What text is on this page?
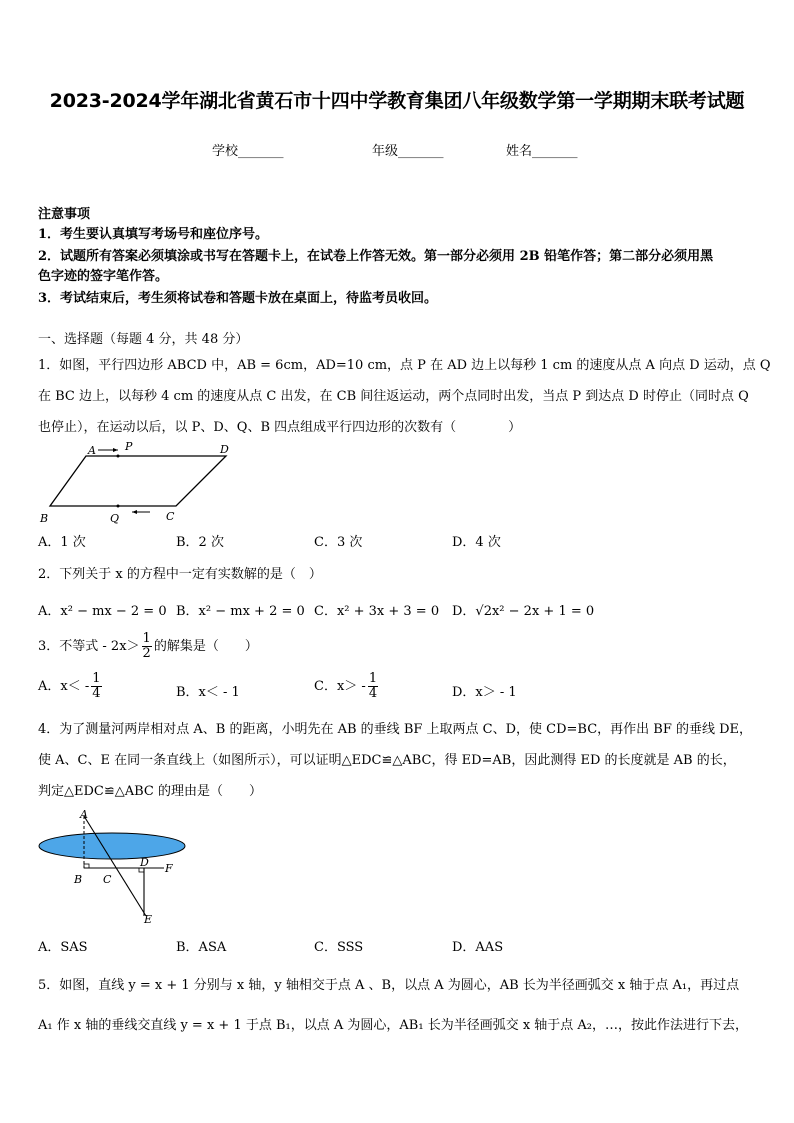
2023-2024学年湖北省黄石市十四中学教育集团八年级数学第一学期期末联考试题
学校_______	年级_______	姓名_______
注意事项
1．考生要认真填写考场号和座位序号。
2．试题所有答案必须填涂或书写在答题卡上，在试卷上作答无效。第一部分必须用 2B 铅笔作答；第二部分必须用黑
色字迹的签字笔作答。
3．考试结束后，考生须将试卷和答题卡放在桌面上，待监考员收回。
一、选择题（每题 4 分，共 48 分）
1．如图，平行四边形 ABCD 中，AB = 6cm，AD=10 cm，点 P 在 AD 边上以每秒 1 cm 的速度从点 A 向点 D 运动，点 Q
在 BC 边上，以每秒 4 cm 的速度从点 C 出发，在 CB 间往返运动，两个点同时出发，当点 P 到达点 D 时停止（同时点 Q
也停止），在运动以后，以 P、D、Q、B 四点组成平行四边形的次数有（　　　　）
A	P	D
B	Q	C
A．1 次	B．2 次	C．3 次	D．4 次
2．下列关于 x 的方程中一定有实数解的是（　）
A．x² − mx − 2 = 0 B．x² − mx + 2 = 0 C．x² + 3x + 3 = 0 D．√2x² − 2x + 1 = 0
3．不等式 - $2x> \frac{1}{2}$ 的解集是（　　）
A．$x< - \frac{1}{4}$	B．x＜ - 1	C．$x> - \frac{1}{4}$	D．x＞ - 1
4．为了测量河两岸相对点 A、B 的距离，小明先在 AB 的垂线 BF 上取两点 C、D，使 CD=BC，再作出 BF 的垂线 DE，
使 A、C、E 在同一条直线上（如图所示），可以证明△EDC≌△ABC，得 ED=AB，因此测得 ED 的长度就是 AB 的长，
判定△EDC≌△ABC 的理由是（　　）
A
D F
B C
E
A．SAS	B．ASA	C．SSS	D．AAS
5．如图，直线 y = x + 1 分别与 x 轴，y 轴相交于点 A 、B，以点 A 为圆心，AB 长为半径画弧交 x 轴于点 A₁，再过点
A₁ 作 x 轴的垂线交直线 y = x + 1 于点 B₁，以点 A 为圆心，AB₁ 长为半径画弧交 x 轴于点 A₂，…，按此作法进行下去，
